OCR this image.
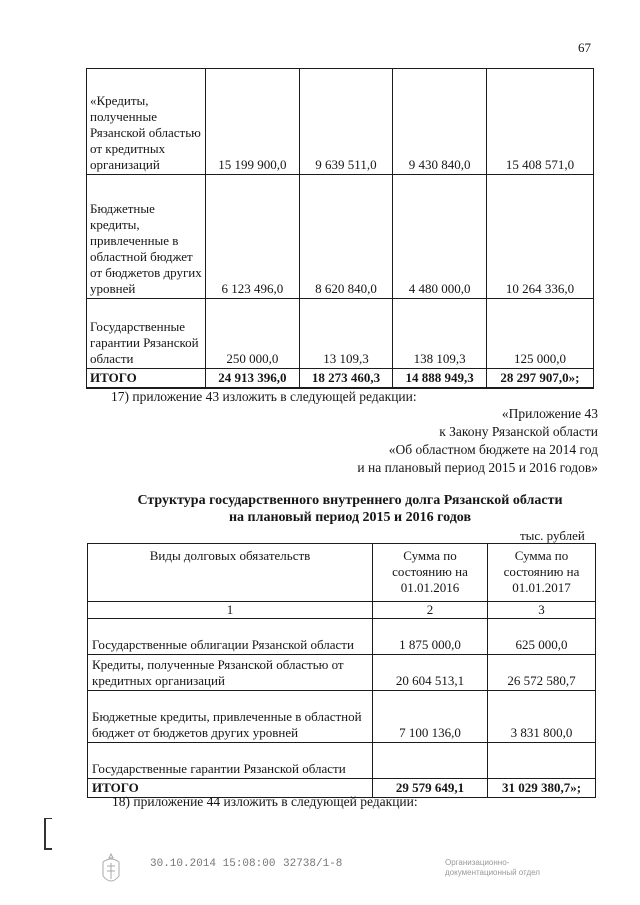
67
«Кредиты, полученные Рязанской областью от кредитных организаций	15 199 900,0	9 639 511,0	9 430 840,0	15 408 571,0
Бюджетные кредиты, привлеченные в областной бюджет от бюджетов других уровней	6 123 496,0	8 620 840,0	4 480 000,0	10 264 336,0
Государственные гарантии Рязанской области	250 000,0	13 109,3	138 109,3	125 000,0
ИТОГО	24 913 396,0	18 273 460,3	14 888 949,3	28 297 907,0»;
17) приложение 43 изложить в следующей редакции:
«Приложение 43
к Закону Рязанской области
«Об областном бюджете на 2014 год
и на плановый период 2015 и 2016 годов»
Структура государственного внутреннего долга Рязанской области
на плановый период 2015 и 2016 годов
тыс. рублей
Виды долговых обязательств	Сумма по состоянию на 01.01.2016	Сумма по состоянию на 01.01.2017
1	2	3
Государственные облигации Рязанской области	1 875 000,0	625 000,0
Кредиты, полученные Рязанской областью от кредитных организаций	20 604 513,1	26 572 580,7
Бюджетные кредиты, привлеченные в областной бюджет от бюджетов других уровней	7 100 136,0	3 831 800,0
Государственные гарантии Рязанской области		
ИТОГО	29 579 649,1	31 029 380,7»;
18) приложение 44 изложить в следующей редакции:
30.10.2014 15:08:00 32738/1-8	Организационно-
документационный отдел
